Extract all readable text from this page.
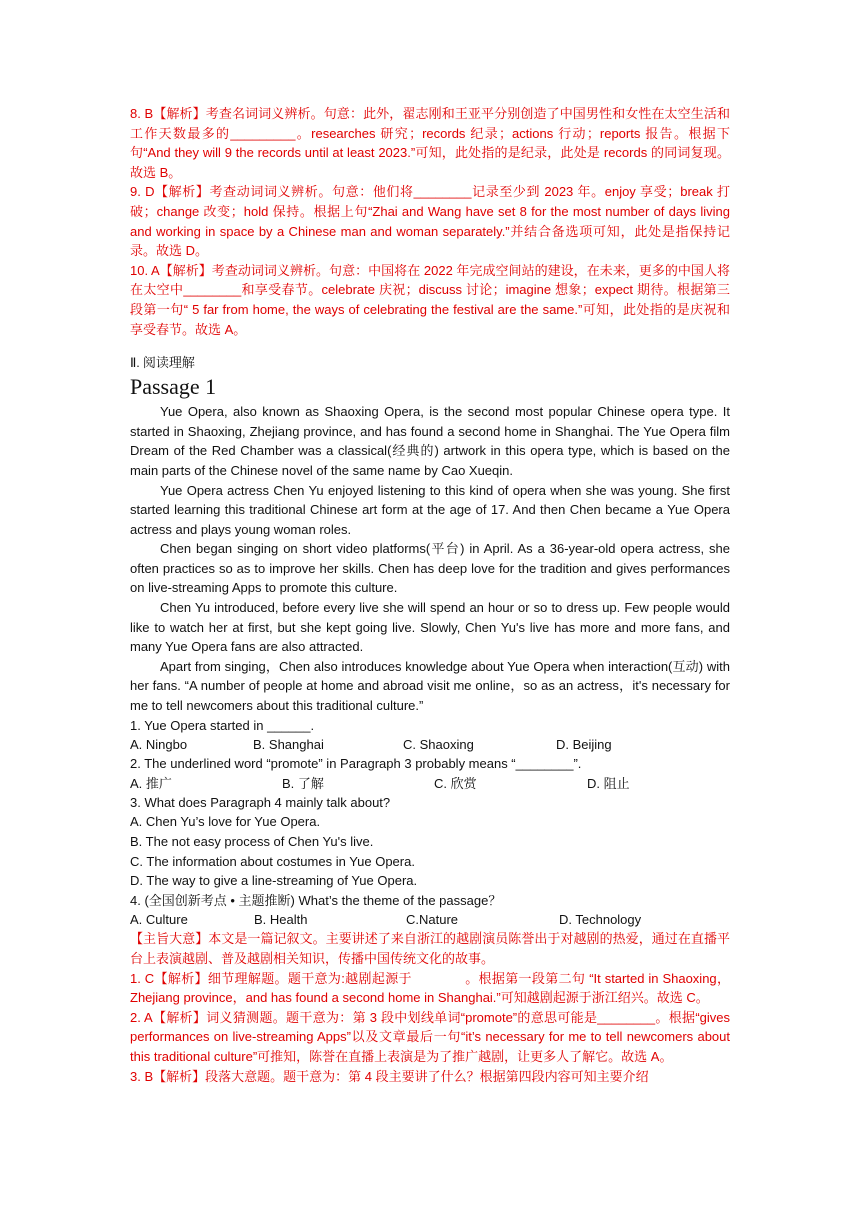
8. B【解析】考查名词词义辨析。句意：此外，翟志刚和王亚平分别创造了中国男性和女性在太空生活和工作天数最多的_________。researches 研究；records 纪录；actions 行动；reports 报告。根据下句“And they will 9 the records until at least 2023.”可知，此处指的是纪录，此处是 records 的同词复现。故选 B。

9. D【解析】考查动词词义辨析。句意：他们将________记录至少到 2023 年。enjoy 享受；break 打破；change 改变；hold 保持。根据上句“Zhai and Wang have set 8 for the most number of days living and working in space by a Chinese man and woman separately.”并结合备选项可知，此处是指保持记录。故选 D。

10. A【解析】考查动词词义辨析。句意：中国将在 2022 年完成空间站的建设，在未来，更多的中国人将在太空中________和享受春节。celebrate 庆祝；discuss 讨论；imagine 想象；expect 期待。根据第三段第一句“ 5 far from home, the ways of celebrating the festival are the same.”可知，此处指的是庆祝和享受春节。故选 A。

Ⅱ. 阅读理解
Passage 1

Yue Opera, also known as Shaoxing Opera, is the second most popular Chinese opera type. It started in Shaoxing, Zhejiang province, and has found a second home in Shanghai. The Yue Opera film Dream of the Red Chamber was a classical(经典的) artwork in this opera type, which is based on the main parts of the Chinese novel of the same name by Cao Xueqin.

Yue Opera actress Chen Yu enjoyed listening to this kind of opera when she was young. She first started learning this traditional Chinese art form at the age of 17. And then Chen became a Yue Opera actress and plays young woman roles.

Chen began singing on short video platforms(平台) in April. As a 36-year-old opera actress, she often practices so as to improve her skills. Chen has deep love for the tradition and gives performances on live-streaming Apps to promote this culture.

Chen Yu introduced, before every live she will spend an hour or so to dress up. Few people would like to watch her at first, but she kept going live. Slowly, Chen Yu's live has more and more fans, and many Yue Opera fans are also attracted.

Apart from singing，Chen also introduces knowledge about Yue Opera when interaction(互动) with her fans. “A number of people at home and abroad visit me online，so as an actress，it's necessary for me to tell newcomers about this traditional culture.”

1. Yue Opera started in ______.

A. Ningbo	B. Shanghai	C. Shaoxing	D. Beijing

2. The underlined word “promote” in Paragraph 3 probably means “________”.

A. 推广	B. 了解	C. 欣赏	D. 阻止

3. What does Paragraph 4 mainly talk about?

A. Chen Yu’s love for Yue Opera.

B. The not easy process of Chen Yu's live.

C. The information about costumes in Yue Opera.

D. The way to give a line-streaming of Yue Opera.

4. (全国创新考点 • 主题推断) What’s the theme of the passage？

A. Culture	B. Health	C.Nature	D. Technology

【主旨大意】本文是一篇记叙文。主要讲述了来自浙江的越剧演员陈誉出于对越剧的热爱，通过在直播平台上表演越剧、普及越剧相关知识，传播中国传统文化的故事。

1. C【解析】细节理解题。题干意为:越剧起源于　　　　。根据第一段第二句 “It started in Shaoxing，Zhejiang province，and has found a second home in Shanghai.”可知越剧起源于浙江绍兴。故选 C。

2. A【解析】词义猜测题。题干意为：第 3 段中划线单词“promote”的意思可能是________。根据“gives performances on live-streaming Apps”以及文章最后一句“it’s necessary for me to tell newcomers about this traditional culture”可推知，陈誉在直播上表演是为了推广越剧，让更多人了解它。故选 A。

3. B【解析】段落大意题。题干意为：第 4 段主要讲了什么？根据第四段内容可知主要介绍
